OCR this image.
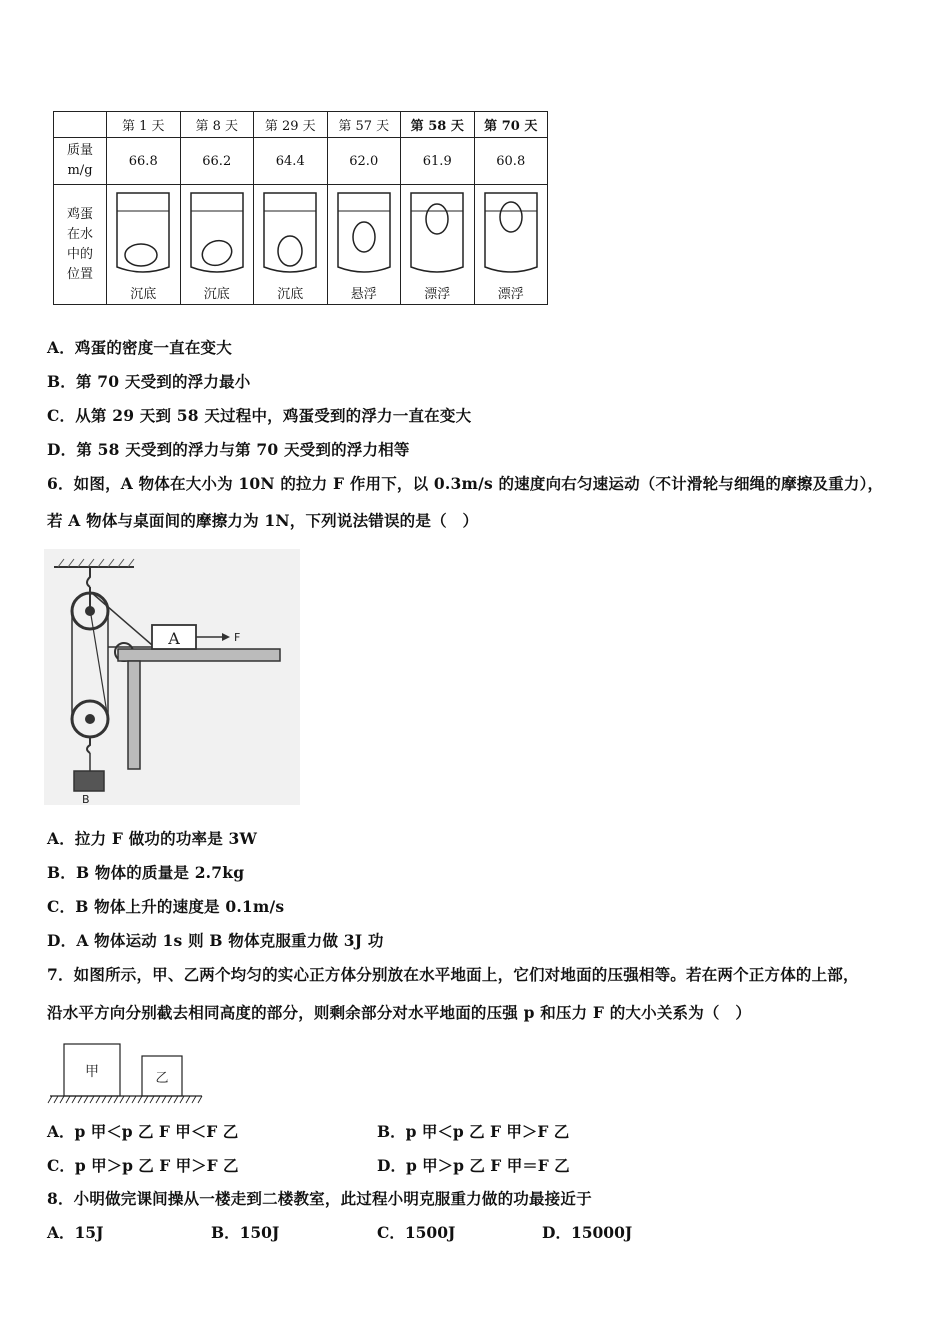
	第 1 天	第 8 天	第 29 天	第 57 天	第 58 天	第 70 天

质量
m/g	66.8	66.2	64.4	62.0	61.9	60.8

鸡蛋
在水
中的
位置	沉底	沉底	沉底	悬浮	漂浮	漂浮
A．鸡蛋的密度一直在变大
B．第 70 天受到的浮力最小
C．从第 29 天到 58 天过程中，鸡蛋受到的浮力一直在变大
D．第 58 天受到的浮力与第 70 天受到的浮力相等
6．如图，A 物体在大小为 10N 的拉力 F 作用下，以 0.3m/s 的速度向右匀速运动（不计滑轮与细绳的摩擦及重力），
若 A 物体与桌面间的摩擦力为 1N，下列说法错误的是（　）
A	F
B
A．拉力 F 做功的功率是 3W
B．B 物体的质量是 2.7kg
C．B 物体上升的速度是 0.1m/s
D．A 物体运动 1s 则 B 物体克服重力做 3J 功
7．如图所示，甲、乙两个均匀的实心正方体分别放在水平地面上，它们对地面的压强相等。若在两个正方体的上部，
沿水平方向分别截去相同高度的部分，则剩余部分对水平地面的压强 p 和压力 F 的大小关系为（　）
甲	乙
A．p 甲＜p 乙 F 甲＜F 乙	B．p 甲＜p 乙 F 甲＞F 乙
C．p 甲＞p 乙 F 甲＞F 乙	D．p 甲＞p 乙 F 甲＝F 乙
8．小明做完课间操从一楼走到二楼教室，此过程小明克服重力做的功最接近于
A．15J	B．150J	C．1500J	D．15000J
